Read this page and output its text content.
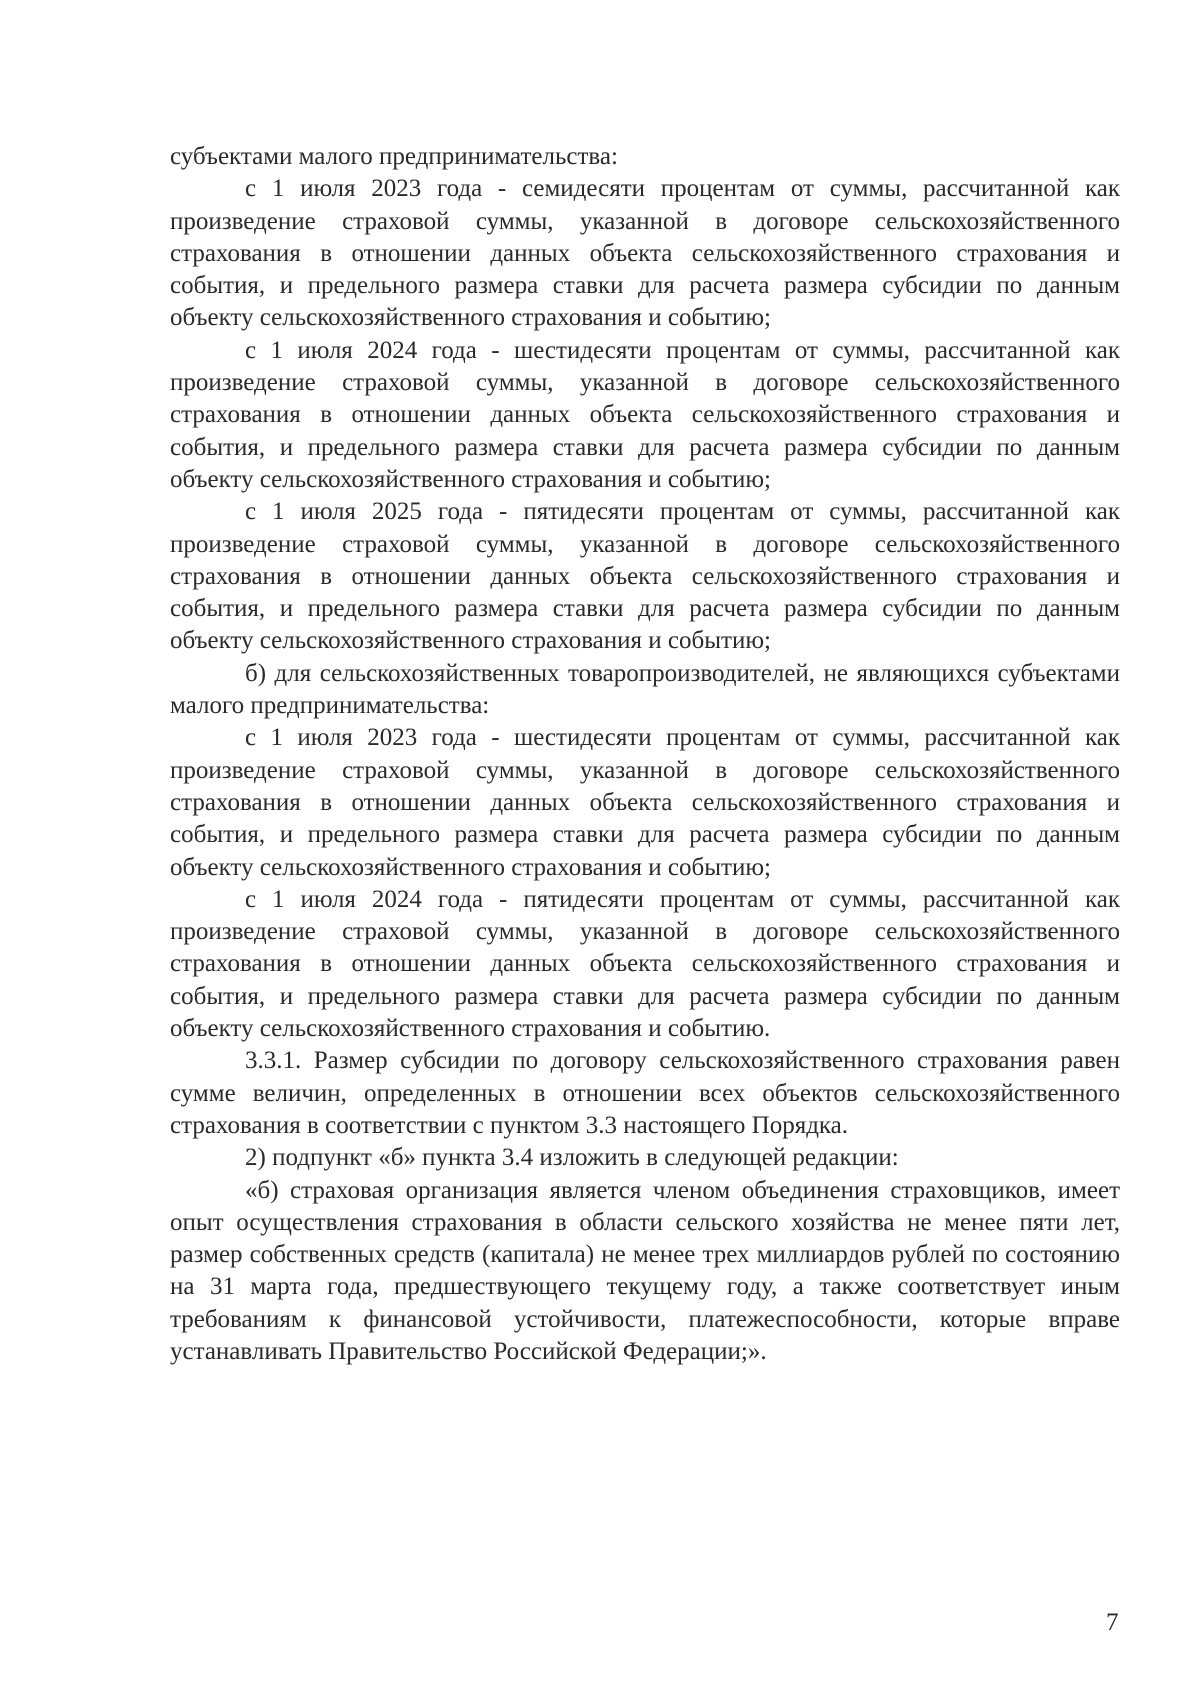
субъектами малого предпринимательства:

с 1 июля 2023 года - семидесяти процентам от суммы, рассчитанной как произведение страховой суммы, указанной в договоре сельскохозяйственного страхования в отношении данных объекта сельскохозяйственного страхования и события, и предельного размера ставки для расчета размера субсидии по данным объекту сельскохозяйственного страхования и событию;

с 1 июля 2024 года - шестидесяти процентам от суммы, рассчитанной как произведение страховой суммы, указанной в договоре сельскохозяйственного страхования в отношении данных объекта сельскохозяйственного страхования и события, и предельного размера ставки для расчета размера субсидии по данным объекту сельскохозяйственного страхования и событию;

с 1 июля 2025 года - пятидесяти процентам от суммы, рассчитанной как произведение страховой суммы, указанной в договоре сельскохозяйственного страхования в отношении данных объекта сельскохозяйственного страхования и события, и предельного размера ставки для расчета размера субсидии по данным объекту сельскохозяйственного страхования и событию;

б) для сельскохозяйственных товаропроизводителей, не являющихся субъектами малого предпринимательства:

с 1 июля 2023 года - шестидесяти процентам от суммы, рассчитанной как произведение страховой суммы, указанной в договоре сельскохозяйственного страхования в отношении данных объекта сельскохозяйственного страхования и события, и предельного размера ставки для расчета размера субсидии по данным объекту сельскохозяйственного страхования и событию;

с 1 июля 2024 года - пятидесяти процентам от суммы, рассчитанной как произведение страховой суммы, указанной в договоре сельскохозяйственного страхования в отношении данных объекта сельскохозяйственного страхования и события, и предельного размера ставки для расчета размера субсидии по данным объекту сельскохозяйственного страхования и событию.

3.3.1. Размер субсидии по договору сельскохозяйственного страхования равен сумме величин, определенных в отношении всех объектов сельскохозяйственного страхования в соответствии с пунктом 3.3 настоящего Порядка.

2) подпункт «б» пункта 3.4 изложить в следующей редакции:

«б) страховая организация является членом объединения страховщиков, имеет опыт осуществления страхования в области сельского хозяйства не менее пяти лет, размер собственных средств (капитала) не менее трех миллиардов рублей по состоянию на 31 марта года, предшествующего текущему году, а также соответствует иным требованиям к финансовой устойчивости, платежеспособности, которые вправе устанавливать Правительство Российской Федерации;».

7
